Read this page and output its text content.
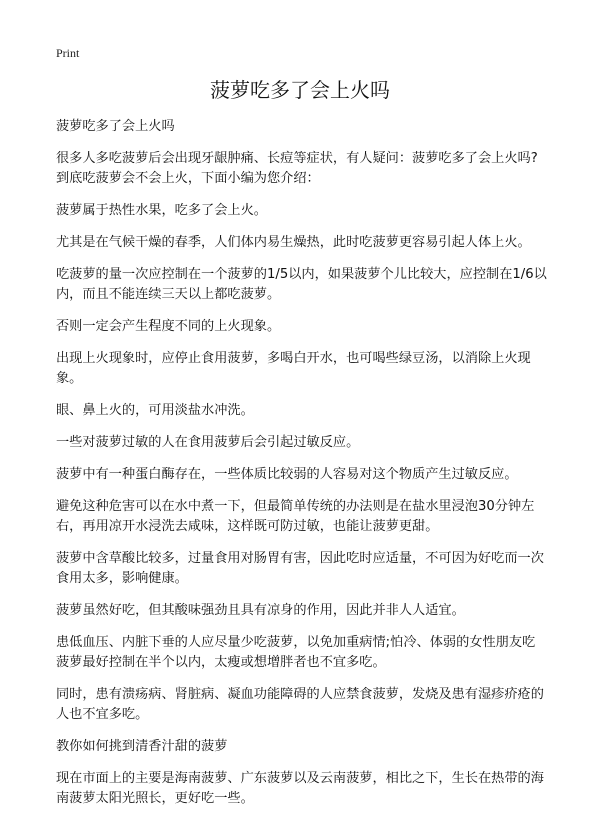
Print
菠萝吃多了会上火吗

菠萝吃多了会上火吗

很多人多吃菠萝后会出现牙龈肿痛、长痘等症状，有人疑问：菠萝吃多了会上火吗?到底吃菠萝会不会上火，下面小编为您介绍：

菠萝属于热性水果，吃多了会上火。

尤其是在气候干燥的春季，人们体内易生燥热，此时吃菠萝更容易引起人体上火。

吃菠萝的量一次应控制在一个菠萝的1/5以内，如果菠萝个儿比较大，应控制在1/6以内，而且不能连续三天以上都吃菠萝。

否则一定会产生程度不同的上火现象。

出现上火现象时，应停止食用菠萝，多喝白开水，也可喝些绿豆汤，以消除上火现象。

眼、鼻上火的，可用淡盐水冲洗。

一些对菠萝过敏的人在食用菠萝后会引起过敏反应。

菠萝中有一种蛋白酶存在，一些体质比较弱的人容易对这个物质产生过敏反应。

避免这种危害可以在水中煮一下，但最简单传统的办法则是在盐水里浸泡30分钟左右，再用凉开水浸洗去咸味，这样既可防过敏，也能让菠萝更甜。

菠萝中含草酸比较多，过量食用对肠胃有害，因此吃时应适量，不可因为好吃而一次食用太多，影响健康。

菠萝虽然好吃，但其酸味强劲且具有凉身的作用，因此并非人人适宜。

患低血压、内脏下垂的人应尽量少吃菠萝，以免加重病情;怕冷、体弱的女性朋友吃菠萝最好控制在半个以内，太瘦或想增胖者也不宜多吃。

同时，患有溃疡病、肾脏病、凝血功能障碍的人应禁食菠萝，发烧及患有湿疹疥疮的人也不宜多吃。

教你如何挑到清香汁甜的菠萝

现在市面上的主要是海南菠萝、广东菠萝以及云南菠萝，相比之下，生长在热带的海南菠萝太阳光照长，更好吃一些。
